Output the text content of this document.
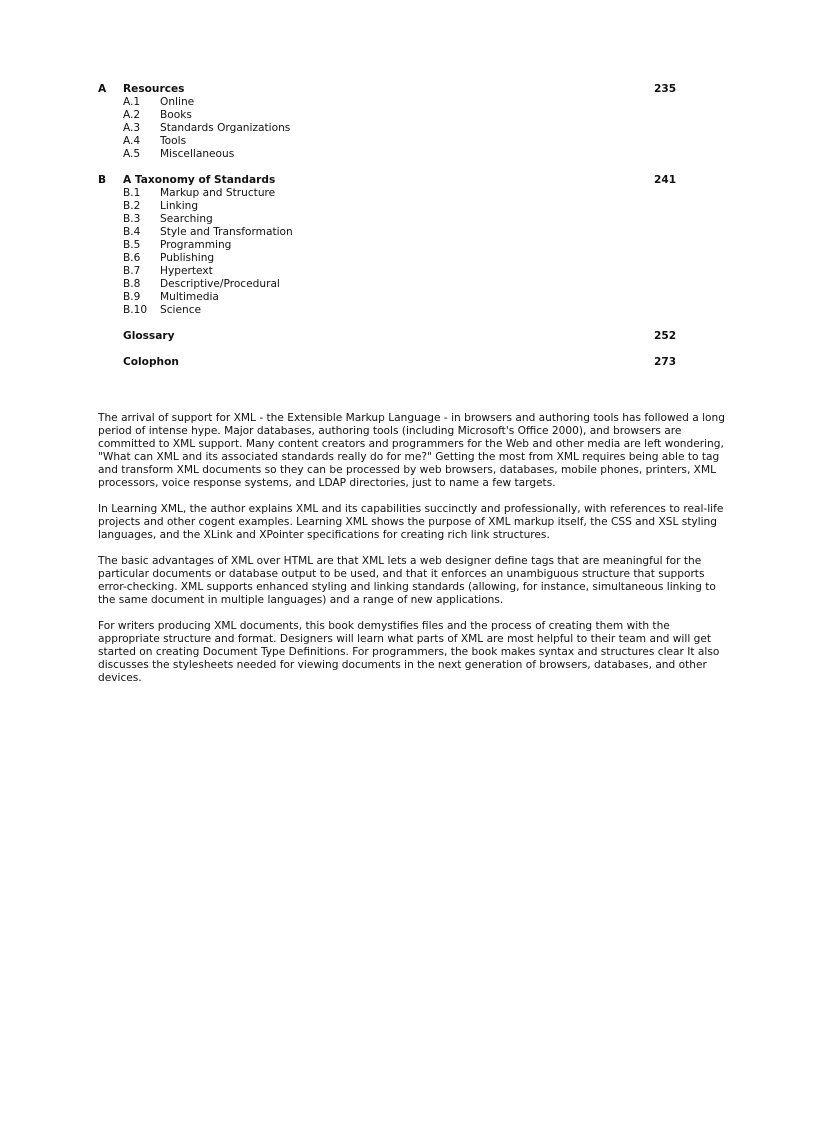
A Resources	235
A.1 Online
A.2 Books
A.3 Standards Organizations
A.4 Tools
A.5 Miscellaneous
B A Taxonomy of Standards	241
B.1 Markup and Structure
B.2 Linking
B.3 Searching
B.4 Style and Transformation
B.5 Programming
B.6 Publishing
B.7 Hypertext
B.8 Descriptive/Procedural
B.9 Multimedia
B.10 Science
Glossary	252
Colophon	273

The arrival of support for XML - the Extensible Markup Language - in browsers and authoring tools has followed a long period of intense hype. Major databases, authoring tools (including Microsoft's Office 2000), and browsers are committed to XML support. Many content creators and programmers for the Web and other media are left wondering, "What can XML and its associated standards really do for me?" Getting the most from XML requires being able to tag and transform XML documents so they can be processed by web browsers, databases, mobile phones, printers, XML processors, voice response systems, and LDAP directories, just to name a few targets.

In Learning XML, the author explains XML and its capabilities succinctly and professionally, with references to real-life projects and other cogent examples. Learning XML shows the purpose of XML markup itself, the CSS and XSL styling languages, and the XLink and XPointer specifications for creating rich link structures.

The basic advantages of XML over HTML are that XML lets a web designer define tags that are meaningful for the particular documents or database output to be used, and that it enforces an unambiguous structure that supports error-checking. XML supports enhanced styling and linking standards (allowing, for instance, simultaneous linking to the same document in multiple languages) and a range of new applications.

For writers producing XML documents, this book demystifies files and the process of creating them with the appropriate structure and format. Designers will learn what parts of XML are most helpful to their team and will get started on creating Document Type Definitions. For programmers, the book makes syntax and structures clear It also discusses the stylesheets needed for viewing documents in the next generation of browsers, databases, and other devices.
